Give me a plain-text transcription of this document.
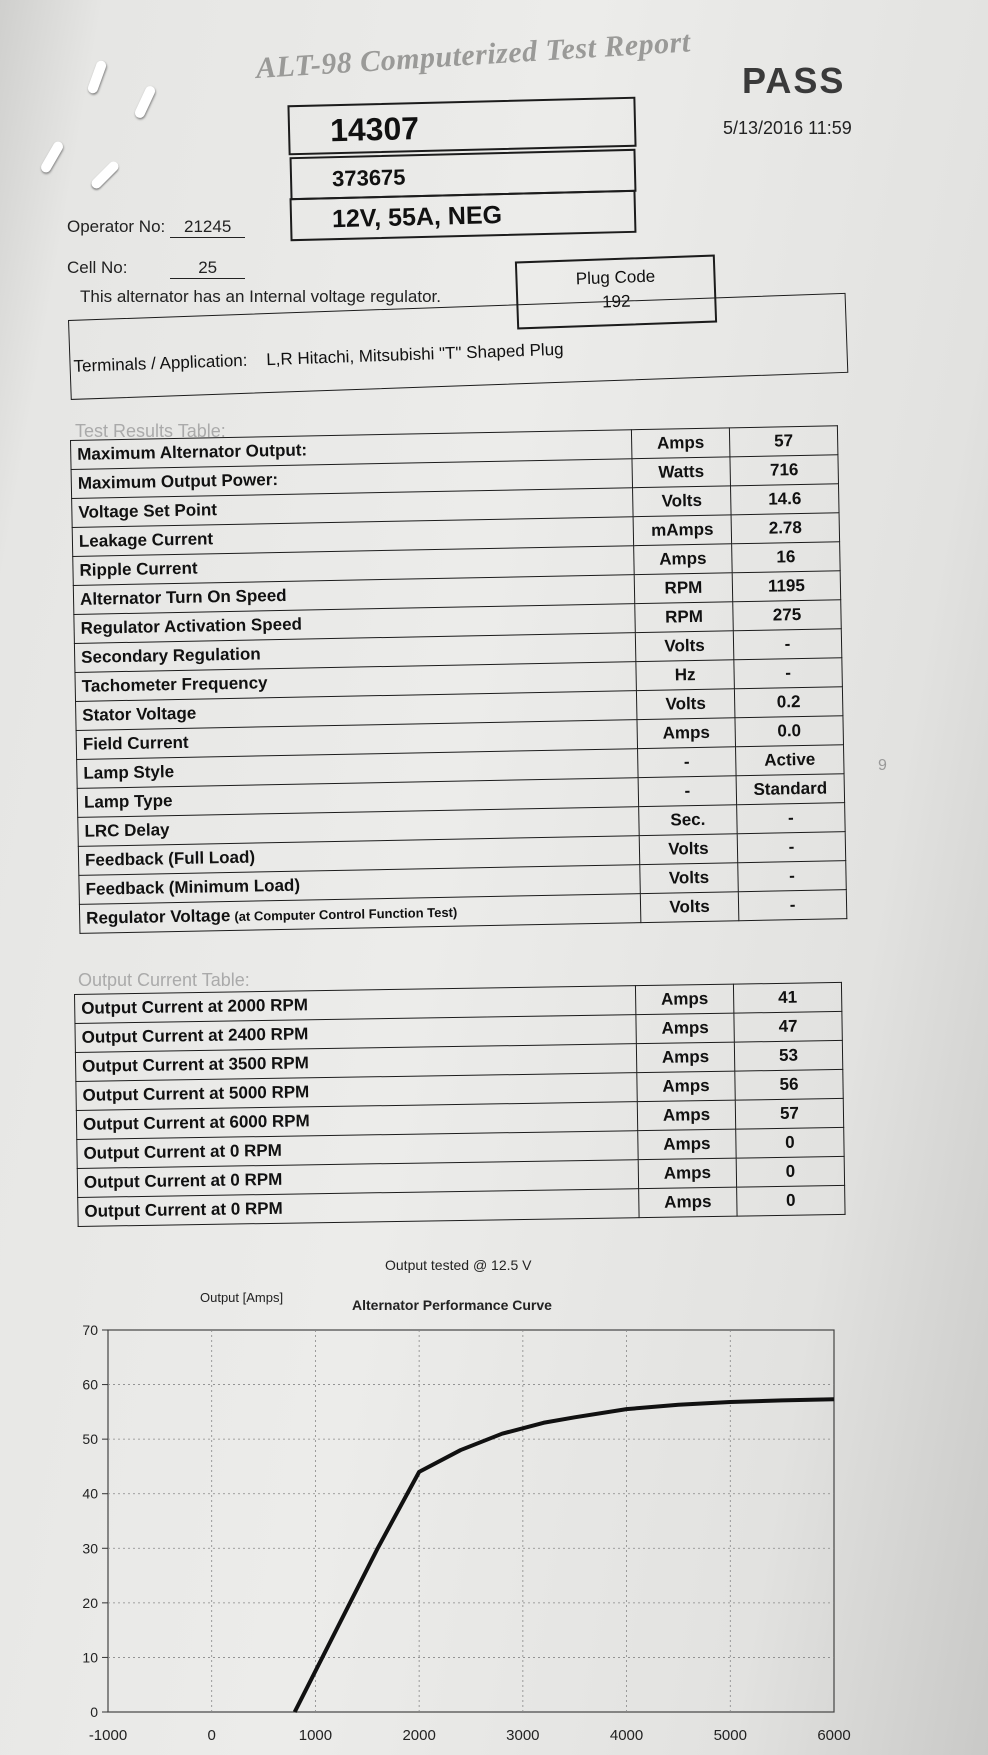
ALT-98 Computerized Test Report	PASS
5/13/2016 11:59
14307
373675
12V, 55A, NEG
Operator No: 21245
Cell No:	25
This alternator has an Internal voltage regulator.
Plug Code
192
Terminals / Application: L,R Hitachi, Mitsubishi "T" Shaped Plug
Test Results Table:
Maximum Alternator Output:	Amps	57
Maximum Output Power:	Watts	716
Voltage Set Point	Volts	14.6
Leakage Current	mAmps	2.78
Ripple Current	Amps	16
Alternator Turn On Speed	RPM	1195
Regulator Activation Speed	RPM	275
Secondary Regulation	Volts	-
Tachometer Frequency	Hz	-
Stator Voltage	Volts	0.2
Field Current	Amps	0.0
Lamp Style	-	Active
Lamp Type	-	Standard
LRC Delay	Sec.	-
Feedback (Full Load)	Volts	-
Feedback (Minimum Load)	Volts	-
Regulator Voltage (at Computer Control Function Test)	Volts	-
9
Output Current Table:
Output Current at 2000 RPM	Amps	41
Output Current at 2400 RPM	Amps	47
Output Current at 3500 RPM	Amps	53
Output Current at 5000 RPM	Amps	56
Output Current at 6000 RPM	Amps	57
Output Current at 0 RPM	Amps	0
Output Current at 0 RPM	Amps	0
Output Current at 0 RPM	Amps	0
Output tested @ 12.5 V
Output [Amps]	Alternator Performance Curve
-1000	0	1000	2000	3000	4000	5000	6000
0
10
20
30
40
50
60
70
